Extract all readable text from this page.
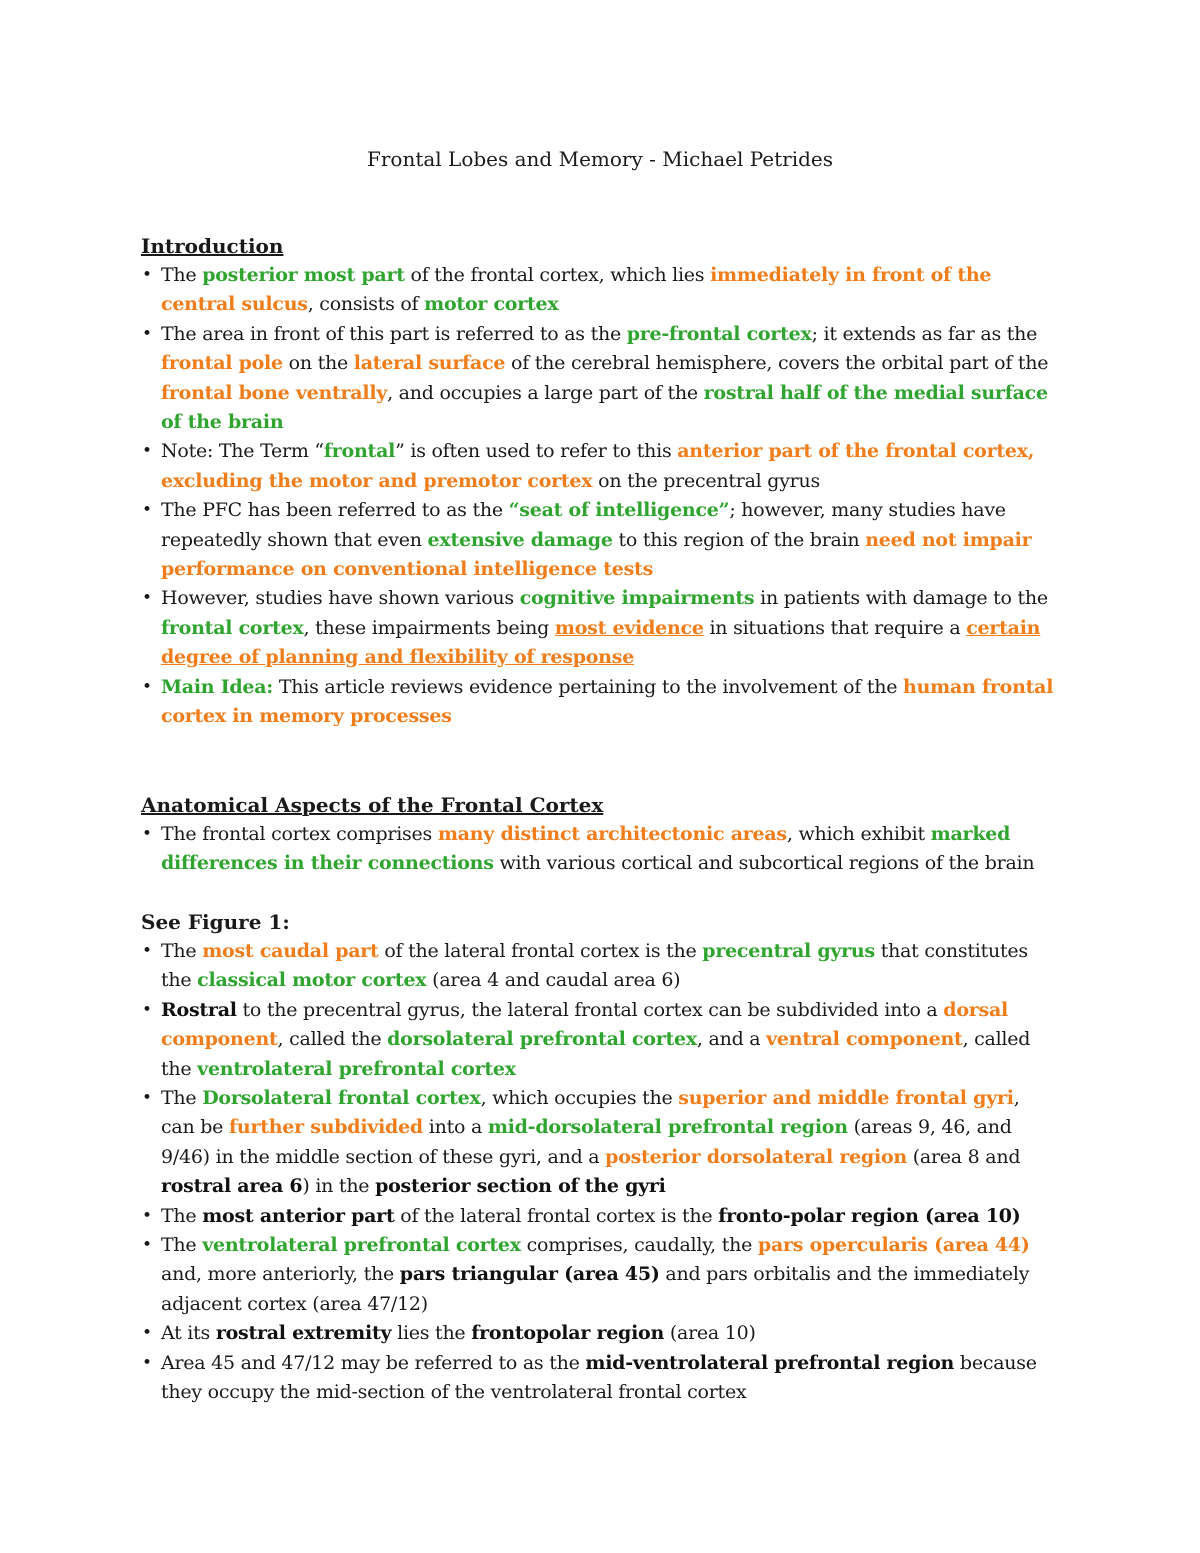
Frontal Lobes and Memory - Michael Petrides
Introduction
• The posterior most part of the frontal cortex, which lies immediately in front of the central sulcus, consists of motor cortex
• The area in front of this part is referred to as the pre-frontal cortex; it extends as far as the frontal pole on the lateral surface of the cerebral hemisphere, covers the orbital part of the frontal bone ventrally, and occupies a large part of the rostral half of the medial surface of the brain
• Note: The Term “frontal” is often used to refer to this anterior part of the frontal cortex, excluding the motor and premotor cortex on the precentral gyrus
• The PFC has been referred to as the “seat of intelligence”; however, many studies have repeatedly shown that even extensive damage to this region of the brain need not impair performance on conventional intelligence tests
• However, studies have shown various cognitive impairments in patients with damage to the frontal cortex, these impairments being most evidence in situations that require a certain degree of planning and flexibility of response
• Main Idea: This article reviews evidence pertaining to the involvement of the human frontal cortex in memory processes
Anatomical Aspects of the Frontal Cortex
• The frontal cortex comprises many distinct architectonic areas, which exhibit marked differences in their connections with various cortical and subcortical regions of the brain
See Figure 1:
• The most caudal part of the lateral frontal cortex is the precentral gyrus that constitutes the classical motor cortex (area 4 and caudal area 6)
• Rostral to the precentral gyrus, the lateral frontal cortex can be subdivided into a dorsal component, called the dorsolateral prefrontal cortex, and a ventral component, called the ventrolateral prefrontal cortex
• The Dorsolateral frontal cortex, which occupies the superior and middle frontal gyri, can be further subdivided into a mid-dorsolateral prefrontal region (areas 9, 46, and 9/46) in the middle section of these gyri, and a posterior dorsolateral region (area 8 and rostral area 6) in the posterior section of the gyri
• The most anterior part of the lateral frontal cortex is the fronto-polar region (area 10)
• The ventrolateral prefrontal cortex comprises, caudally, the pars opercularis (area 44) and, more anteriorly, the pars triangular (area 45) and pars orbitalis and the immediately adjacent cortex (area 47/12)
• At its rostral extremity lies the frontopolar region (area 10)
• Area 45 and 47/12 may be referred to as the mid-ventrolateral prefrontal region because they occupy the mid-section of the ventrolateral frontal cortex
